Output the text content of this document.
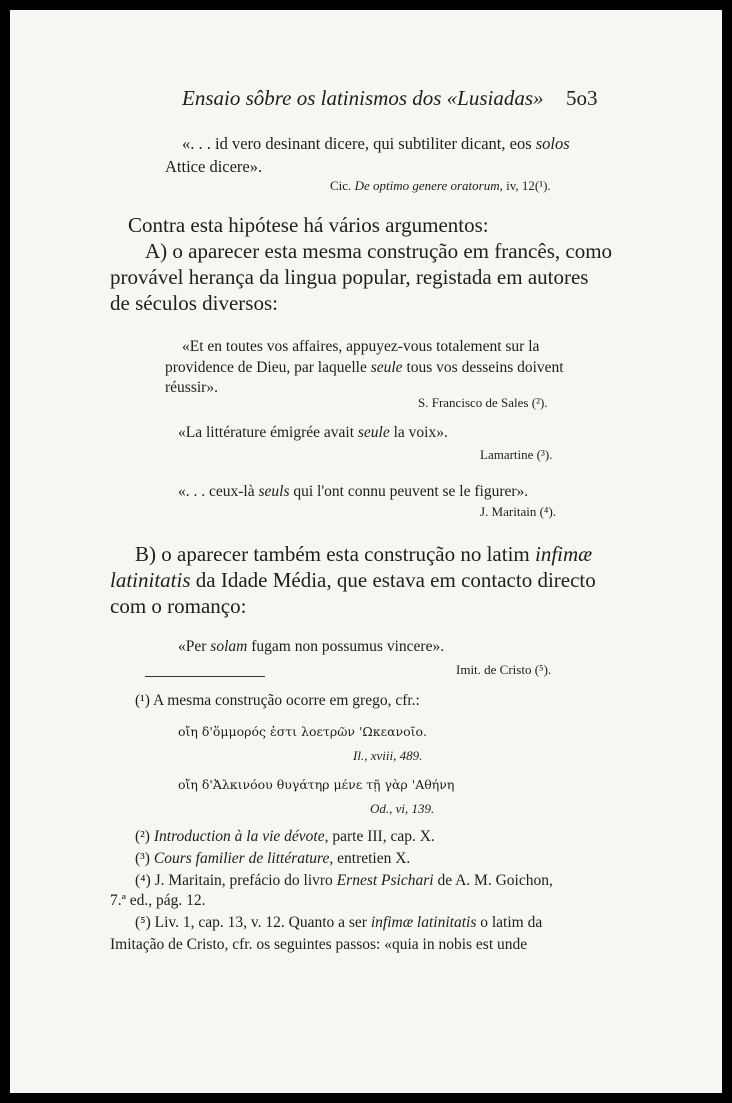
Ensaio sôbre os latinismos dos «Lusiadas» 5o3
«. . . id vero desinant dicere, qui subtiliter dicant, eos solos
Attice dicere».
Cic. De optimo genere oratorum, iv, 12(¹).
Contra esta hipótese há vários argumentos:
A) o aparecer esta mesma construção em francês, como
provável herança da lingua popular, registada em autores
de séculos diversos:
«Et en toutes vos affaires, appuyez-vous totalement sur la
providence de Dieu, par laquelle seule tous vos desseins doivent
réussir».
S. Francisco de Sales (²).
«La littérature émigrée avait seule la voix».
Lamartine (³).
«. . . ceux-là seuls qui l'ont connu peuvent se le figurer».
J. Maritain (⁴).
B) o aparecer também esta construção no latim infimæ
latinitatis da Idade Média, que estava em contacto directo
com o romanço:
«Per solam fugam non possumus vincere».
Imit. de Cristo (⁵).
(¹) A mesma construção ocorre em grego, cfr.:
οἴη δ'ὅμμορός ἐστι λοετρῶν 'Ωκεανοῖο.
Il., xviii, 489.
οἴη δ'Ἀλκινόου θυγάτηρ μένε τῇ γὰρ 'Αθήνη
Od., vi, 139.
(²) Introduction à la vie dévote, parte III, cap. X.
(³) Cours familier de littérature, entretien X.
(⁴) J. Maritain, prefácio do livro Ernest Psichari de A. M. Goichon,
7.ª ed., pág. 12.
(⁵) Liv. 1, cap. 13, v. 12. Quanto a ser infimæ latinitatis o latim da
Imitação de Cristo, cfr. os seguintes passos: «quia in nobis est unde
